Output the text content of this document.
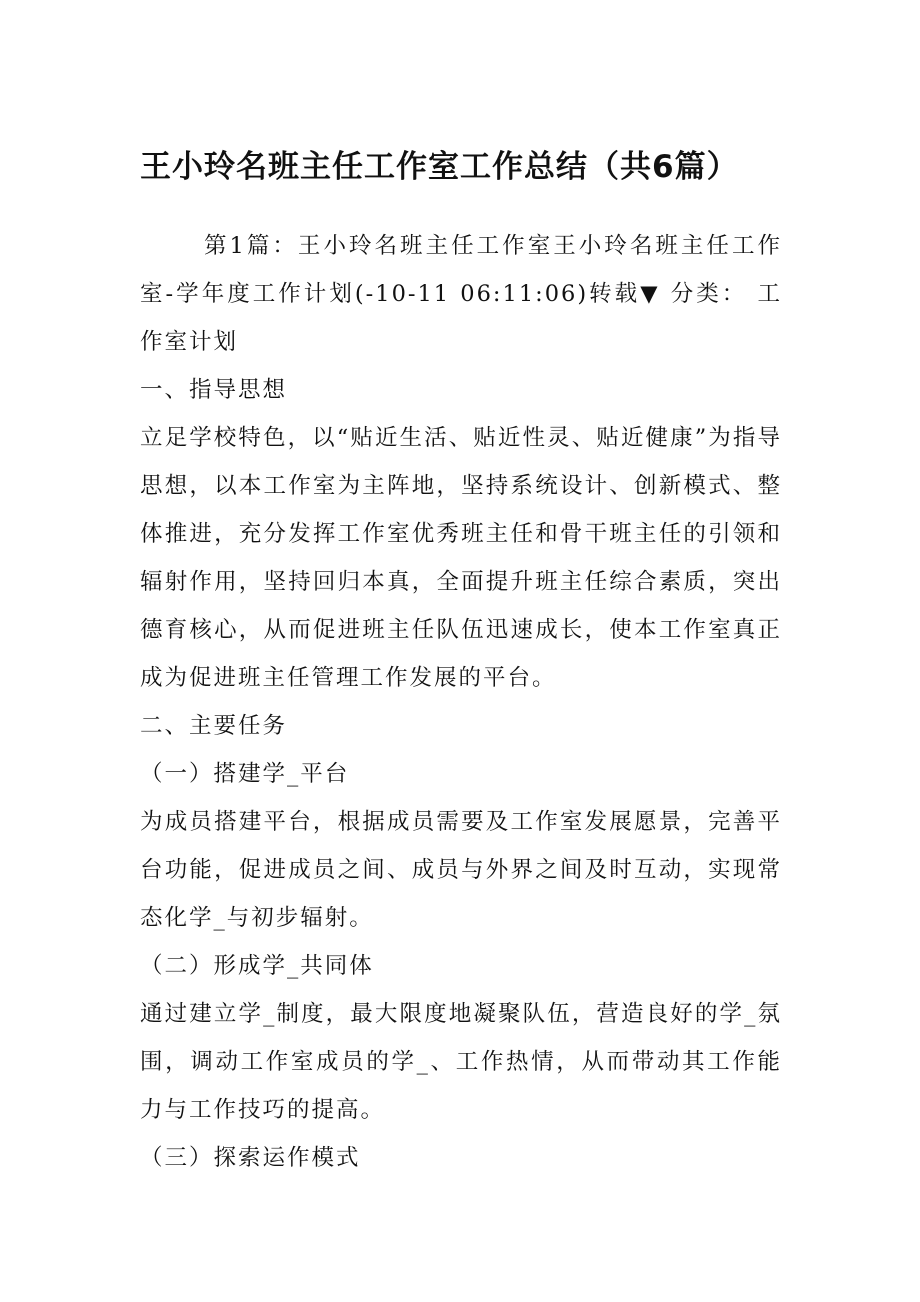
王小玲名班主任工作室工作总结（共6篇）

第1篇：王小玲名班主任工作室王小玲名班主任工作室-学年度工作计划(-10-11 06:11:06)转载▼ 分类： 工作室计划

一、指导思想

立足学校特色，以“贴近生活、贴近性灵、贴近健康”为指导思想，以本工作室为主阵地，坚持系统设计、创新模式、整体推进，充分发挥工作室优秀班主任和骨干班主任的引领和辐射作用，坚持回归本真，全面提升班主任综合素质，突出德育核心，从而促进班主任队伍迅速成长，使本工作室真正成为促进班主任管理工作发展的平台。

二、主要任务

（一）搭建学_平台

为成员搭建平台，根据成员需要及工作室发展愿景，完善平台功能，促进成员之间、成员与外界之间及时互动，实现常态化学_与初步辐射。

（二）形成学_共同体

通过建立学_制度，最大限度地凝聚队伍，营造良好的学_氛围，调动工作室成员的学_、工作热情，从而带动其工作能力与工作技巧的提高。

（三）探索运作模式
